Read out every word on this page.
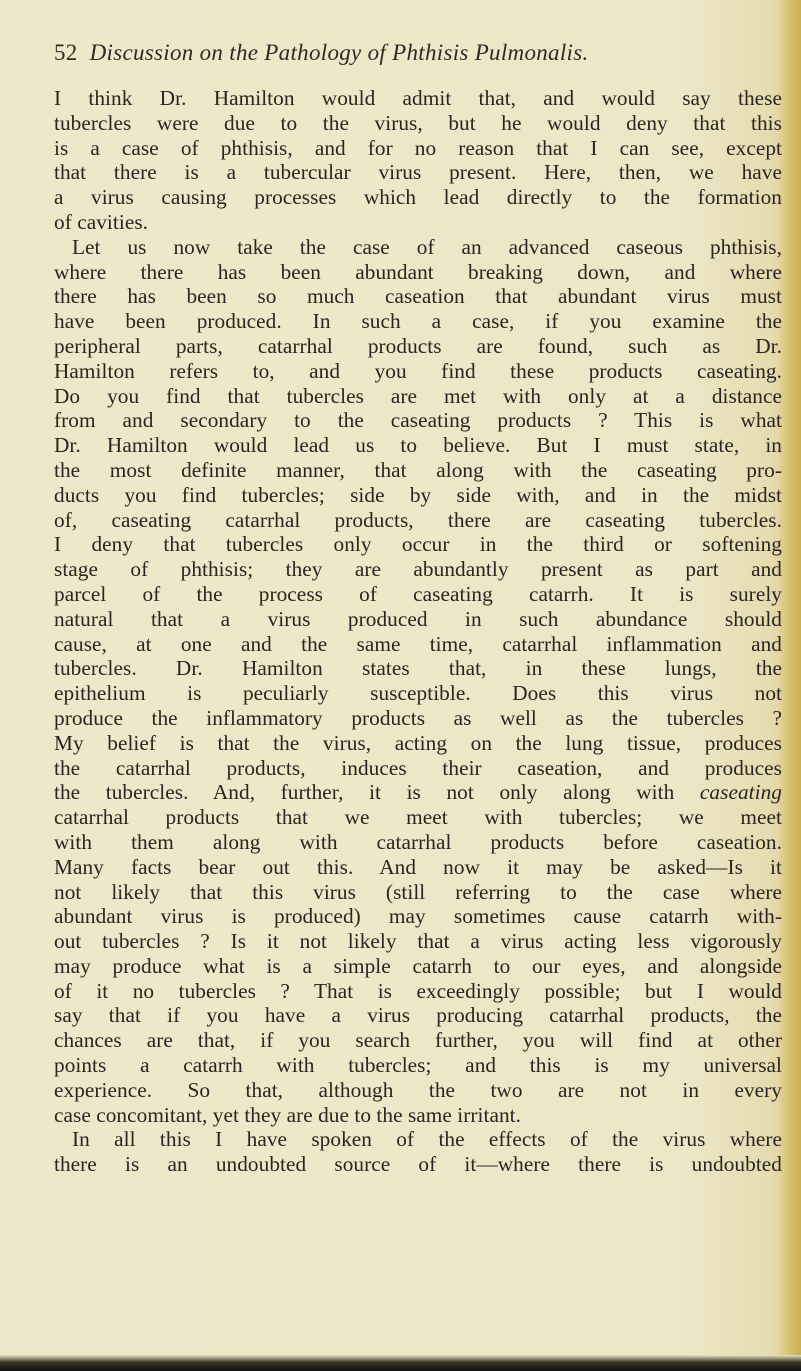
52 Discussion on the Pathology of Phthisis Pulmonalis.
I think Dr. Hamilton would admit that, and would say these
tubercles were due to the virus, but he would deny that this
is a case of phthisis, and for no reason that I can see, except
that there is a tubercular virus present. Here, then, we have
a virus causing processes which lead directly to the formation
of cavities.
Let us now take the case of an advanced caseous phthisis,
where there has been abundant breaking down, and where
there has been so much caseation that abundant virus must
have been produced. In such a case, if you examine the
peripheral parts, catarrhal products are found, such as Dr.
Hamilton refers to, and you find these products caseating.
Do you find that tubercles are met with only at a distance
from and secondary to the caseating products ? This is what
Dr. Hamilton would lead us to believe. But I must state, in
the most definite manner, that along with the caseating pro-
ducts you find tubercles; side by side with, and in the midst
of, caseating catarrhal products, there are caseating tubercles.
I deny that tubercles only occur in the third or softening
stage of phthisis; they are abundantly present as part and
parcel of the process of caseating catarrh. It is surely
natural that a virus produced in such abundance should
cause, at one and the same time, catarrhal inflammation and
tubercles. Dr. Hamilton states that, in these lungs, the
epithelium is peculiarly susceptible. Does this virus not
produce the inflammatory products as well as the tubercles ?
My belief is that the virus, acting on the lung tissue, produces
the catarrhal products, induces their caseation, and produces
the tubercles. And, further, it is not only along with caseating
catarrhal products that we meet with tubercles; we meet
with them along with catarrhal products before caseation.
Many facts bear out this. And now it may be asked—Is it
not likely that this virus (still referring to the case where
abundant virus is produced) may sometimes cause catarrh with-
out tubercles ? Is it not likely that a virus acting less vigorously
may produce what is a simple catarrh to our eyes, and alongside
of it no tubercles ? That is exceedingly possible; but I would
say that if you have a virus producing catarrhal products, the
chances are that, if you search further, you will find at other
points a catarrh with tubercles; and this is my universal
experience. So that, although the two are not in every
case concomitant, yet they are due to the same irritant.
In all this I have spoken of the effects of the virus where
there is an undoubted source of it—where there is undoubted
